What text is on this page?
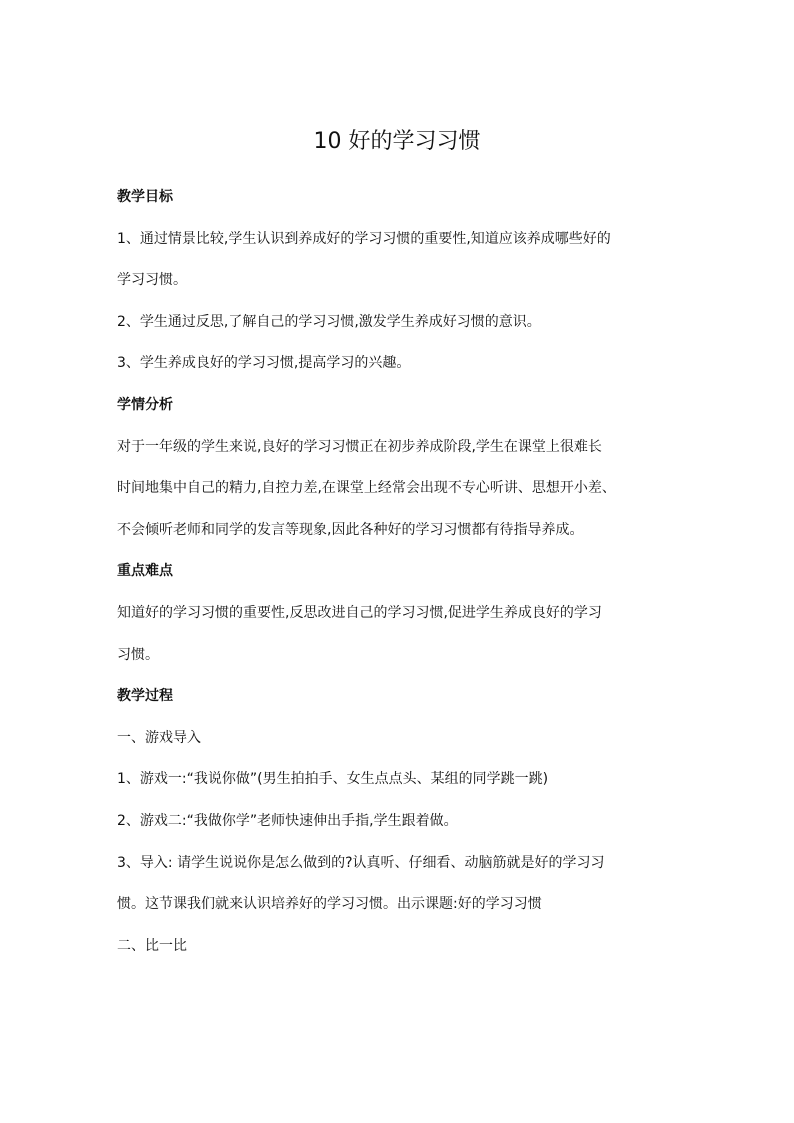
10 好的学习习惯
教学目标
1、通过情景比较,学生认识到养成好的学习习惯的重要性,知道应该养成哪些好的
学习习惯。
2、学生通过反思,了解自己的学习习惯,激发学生养成好习惯的意识。
3、学生养成良好的学习习惯,提高学习的兴趣。
学情分析
对于一年级的学生来说,良好的学习习惯正在初步养成阶段,学生在课堂上很难长
时间地集中自己的精力,自控力差,在课堂上经常会出现不专心听讲、思想开小差、
不会倾听老师和同学的发言等现象,因此各种好的学习习惯都有待指导养成。
重点难点
知道好的学习习惯的重要性,反思改进自己的学习习惯,促进学生养成良好的学习
习惯。
教学过程
一、游戏导入
1、游戏一:“我说你做”(男生拍拍手、女生点点头、某组的同学跳一跳)
2、游戏二:“我做你学”老师快速伸出手指,学生跟着做。
3、导入: 请学生说说你是怎么做到的?认真听、仔细看、动脑筋就是好的学习习
惯。这节课我们就来认识培养好的学习习惯。出示课题:好的学习习惯
二、比一比
